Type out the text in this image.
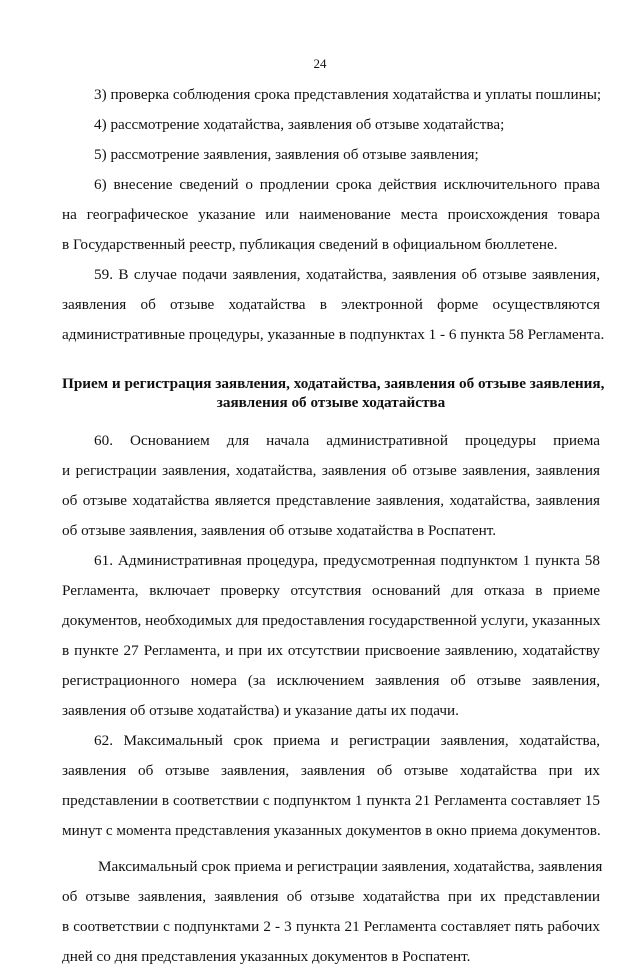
24
3) проверка соблюдения срока представления ходатайства и уплаты пошлины;
4) рассмотрение ходатайства, заявления об отзыве ходатайства;
5) рассмотрение заявления, заявления об отзыве заявления;
6) внесение сведений о продлении срока действия исключительного права
на географическое указание или наименование места происхождения товара
в Государственный реестр, публикация сведений в официальном бюллетене.
59. В случае подачи заявления, ходатайства, заявления об отзыве заявления,
заявления об отзыве ходатайства в электронной форме осуществляются
административные процедуры, указанные в подпунктах 1 - 6 пункта 58 Регламента.
Прием и регистрация заявления, ходатайства, заявления об отзыве заявления,
заявления об отзыве ходатайства
60. Основанием для начала административной процедуры приема
и регистрации заявления, ходатайства, заявления об отзыве заявления, заявления
об отзыве ходатайства является представление заявления, ходатайства, заявления
об отзыве заявления, заявления об отзыве ходатайства в Роспатент.
61. Административная процедура, предусмотренная подпунктом 1 пункта 58
Регламента, включает проверку отсутствия оснований для отказа в приеме
документов, необходимых для предоставления государственной услуги, указанных
в пункте 27 Регламента, и при их отсутствии присвоение заявлению, ходатайству
регистрационного номера (за исключением заявления об отзыве заявления,
заявления об отзыве ходатайства) и указание даты их подачи.
62. Максимальный срок приема и регистрации заявления, ходатайства,
заявления об отзыве заявления, заявления об отзыве ходатайства при их
представлении в соответствии с подпунктом 1 пункта 21 Регламента составляет 15
минут с момента представления указанных документов в окно приема документов.
Максимальный срок приема и регистрации заявления, ходатайства, заявления
об отзыве заявления, заявления об отзыве ходатайства при их представлении
в соответствии с подпунктами 2 - 3 пункта 21 Регламента составляет пять рабочих
дней со дня представления указанных документов в Роспатент.
